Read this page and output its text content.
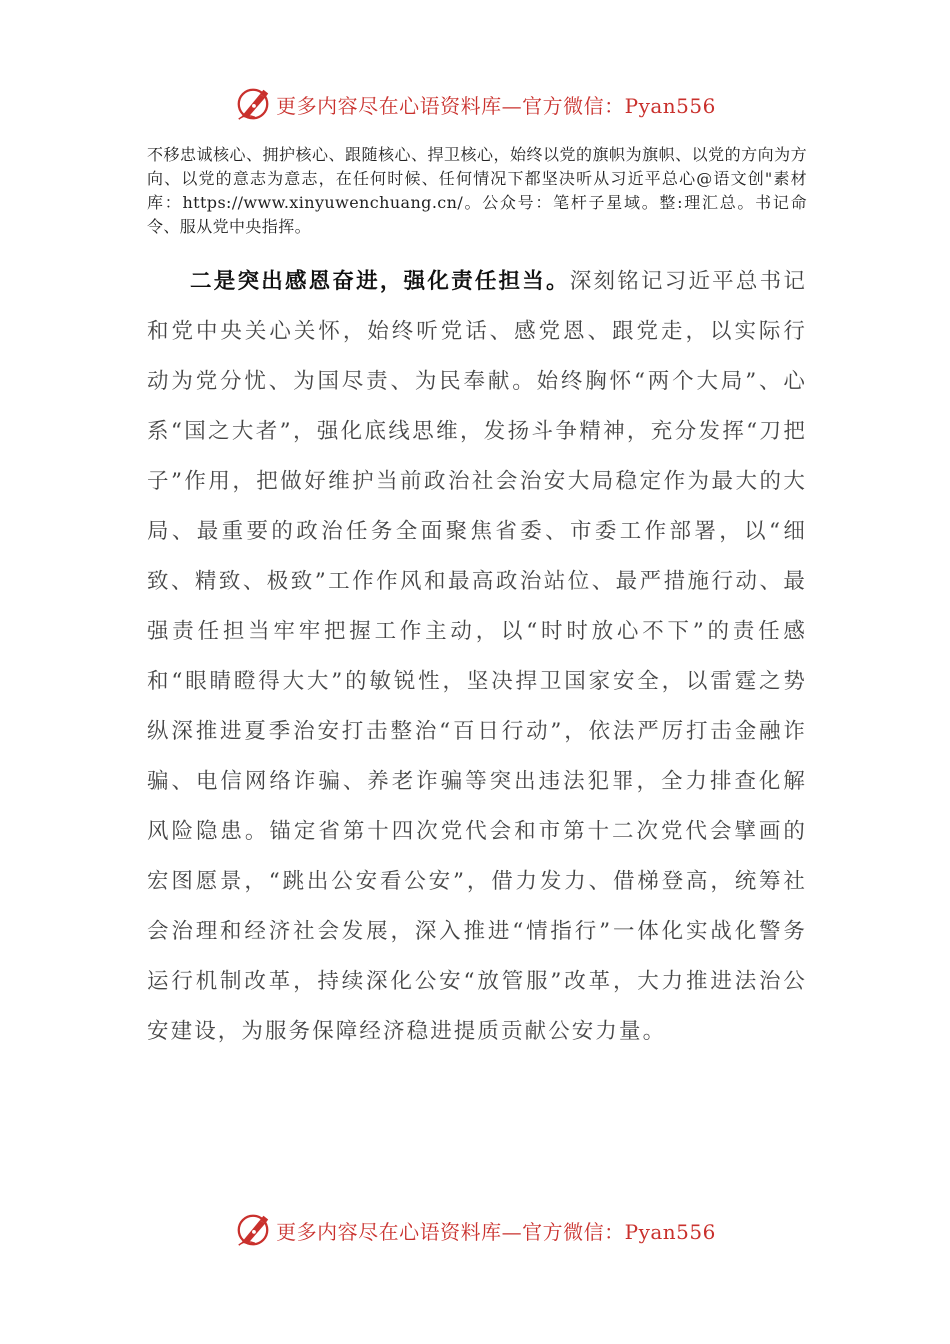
更多内容尽在心语资料库—官方微信：Pyan556

不移忠诚核心、拥护核心、跟随核心、捍卫核心，始终以党的旗帜为旗帜、以党的方向为方向、以党的意志为意志，在任何时候、任何情况下都坚决听从习近平总心@语文创"素材库：https://www.xinyuwenchuang.cn/。公众号：笔杆子星域。整:理汇总。书记命令、服从党中央指挥。

二是突出感恩奋进，强化责任担当。深刻铭记习近平总书记和党中央关心关怀，始终听党话、感党恩、跟党走，以实际行动为党分忧、为国尽责、为民奉献。始终胸怀“两个大局”、心系“国之大者”，强化底线思维，发扬斗争精神，充分发挥“刀把子”作用，把做好维护当前政治社会治安大局稳定作为最大的大局、最重要的政治任务全面聚焦省委、市委工作部署，以“细致、精致、极致”工作作风和最高政治站位、最严措施行动、最强责任担当牢牢把握工作主动，以“时时放心不下”的责任感和“眼睛瞪得大大”的敏锐性，坚决捍卫国家安全，以雷霆之势纵深推进夏季治安打击整治“百日行动”，依法严厉打击金融诈骗、电信网络诈骗、养老诈骗等突出违法犯罪，全力排查化解风险隐患。锚定省第十四次党代会和市第十二次党代会擘画的宏图愿景，“跳出公安看公安”，借力发力、借梯登高，统筹社会治理和经济社会发展，深入推进“情指行”一体化实战化警务运行机制改革，持续深化公安“放管服”改革，大力推进法治公安建设，为服务保障经济稳进提质贡献公安力量。

更多内容尽在心语资料库—官方微信：Pyan556
